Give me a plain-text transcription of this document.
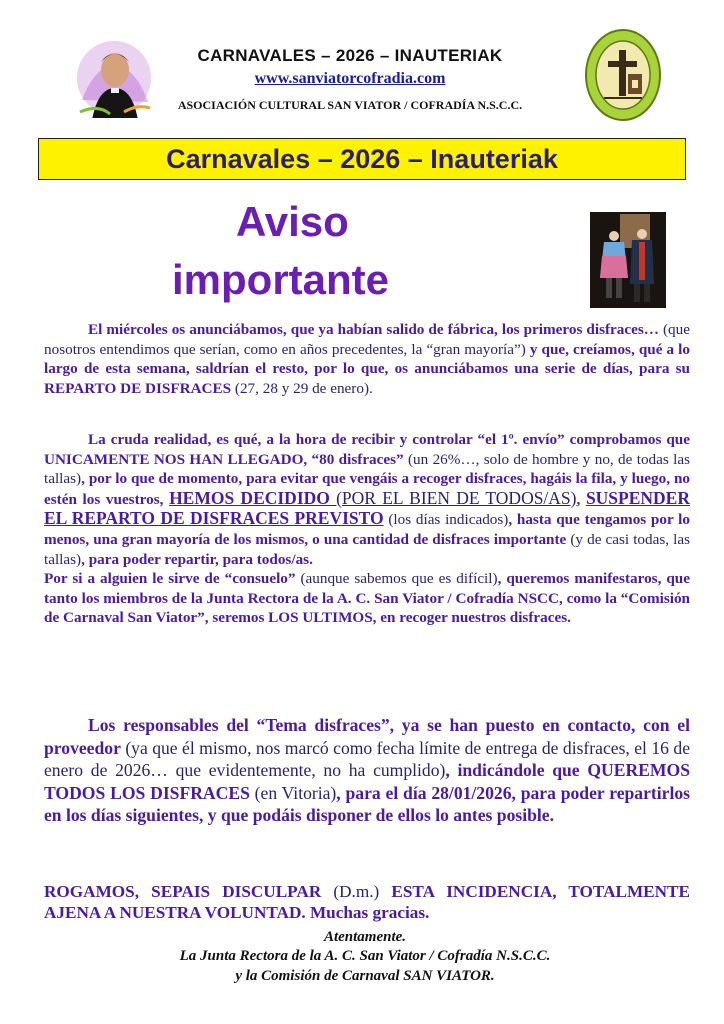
CARNAVALES – 2026 – INAUTERIAK
www.sanviatorcofradia.com
ASOCIACIÓN CULTURAL SAN VIATOR / COFRADÍA N.S.C.C.
Carnavales – 2026 – Inauteriak
Aviso
importante
El miércoles os anunciábamos, que ya habían salido de fábrica, los primeros disfraces… (que nosotros entendimos que serían, como en años precedentes, la “gran mayoría”) y que, creíamos, qué a lo largo de esta semana, saldrían el resto, por lo que, os anunciábamos una serie de días, para su REPARTO DE DISFRACES (27, 28 y 29 de enero).
La cruda realidad, es qué, a la hora de recibir y controlar “el 1º. envío” comprobamos que UNICAMENTE NOS HAN LLEGADO, “80 disfraces” (un 26%…, solo de hombre y no, de todas las tallas), por lo que de momento, para evitar que vengáis a recoger disfraces, hagáis la fila, y luego, no estén los vuestros, HEMOS DECIDIDO (POR EL BIEN DE TODOS/AS), SUSPENDER EL REPARTO DE DISFRACES PREVISTO (los días indicados), hasta que tengamos por lo menos, una gran mayoría de los mismos, o una cantidad de disfraces importante (y de casi todas, las tallas), para poder repartir, para todos/as.
Por si a alguien le sirve de “consuelo” (aunque sabemos que es difícil), queremos manifestaros, que tanto los miembros de la Junta Rectora de la A. C. San Viator / Cofradía NSCC, como la “Comisión de Carnaval San Viator”, seremos LOS ULTIMOS, en recoger nuestros disfraces.
Los responsables del “Tema disfraces”, ya se han puesto en contacto, con el proveedor (ya que él mismo, nos marcó como fecha límite de entrega de disfraces, el 16 de enero de 2026… que evidentemente, no ha cumplido), indicándole que QUEREMOS TODOS LOS DISFRACES (en Vitoria), para el día 28/01/2026, para poder repartirlos en los días siguientes, y que podáis disponer de ellos lo antes posible.
ROGAMOS, SEPAIS DISCULPAR (D.m.) ESTA INCIDENCIA, TOTALMENTE AJENA A NUESTRA VOLUNTAD. Muchas gracias.
Atentamente.
La Junta Rectora de la A. C. San Viator / Cofradía N.S.C.C.
y la Comisión de Carnaval SAN VIATOR.
